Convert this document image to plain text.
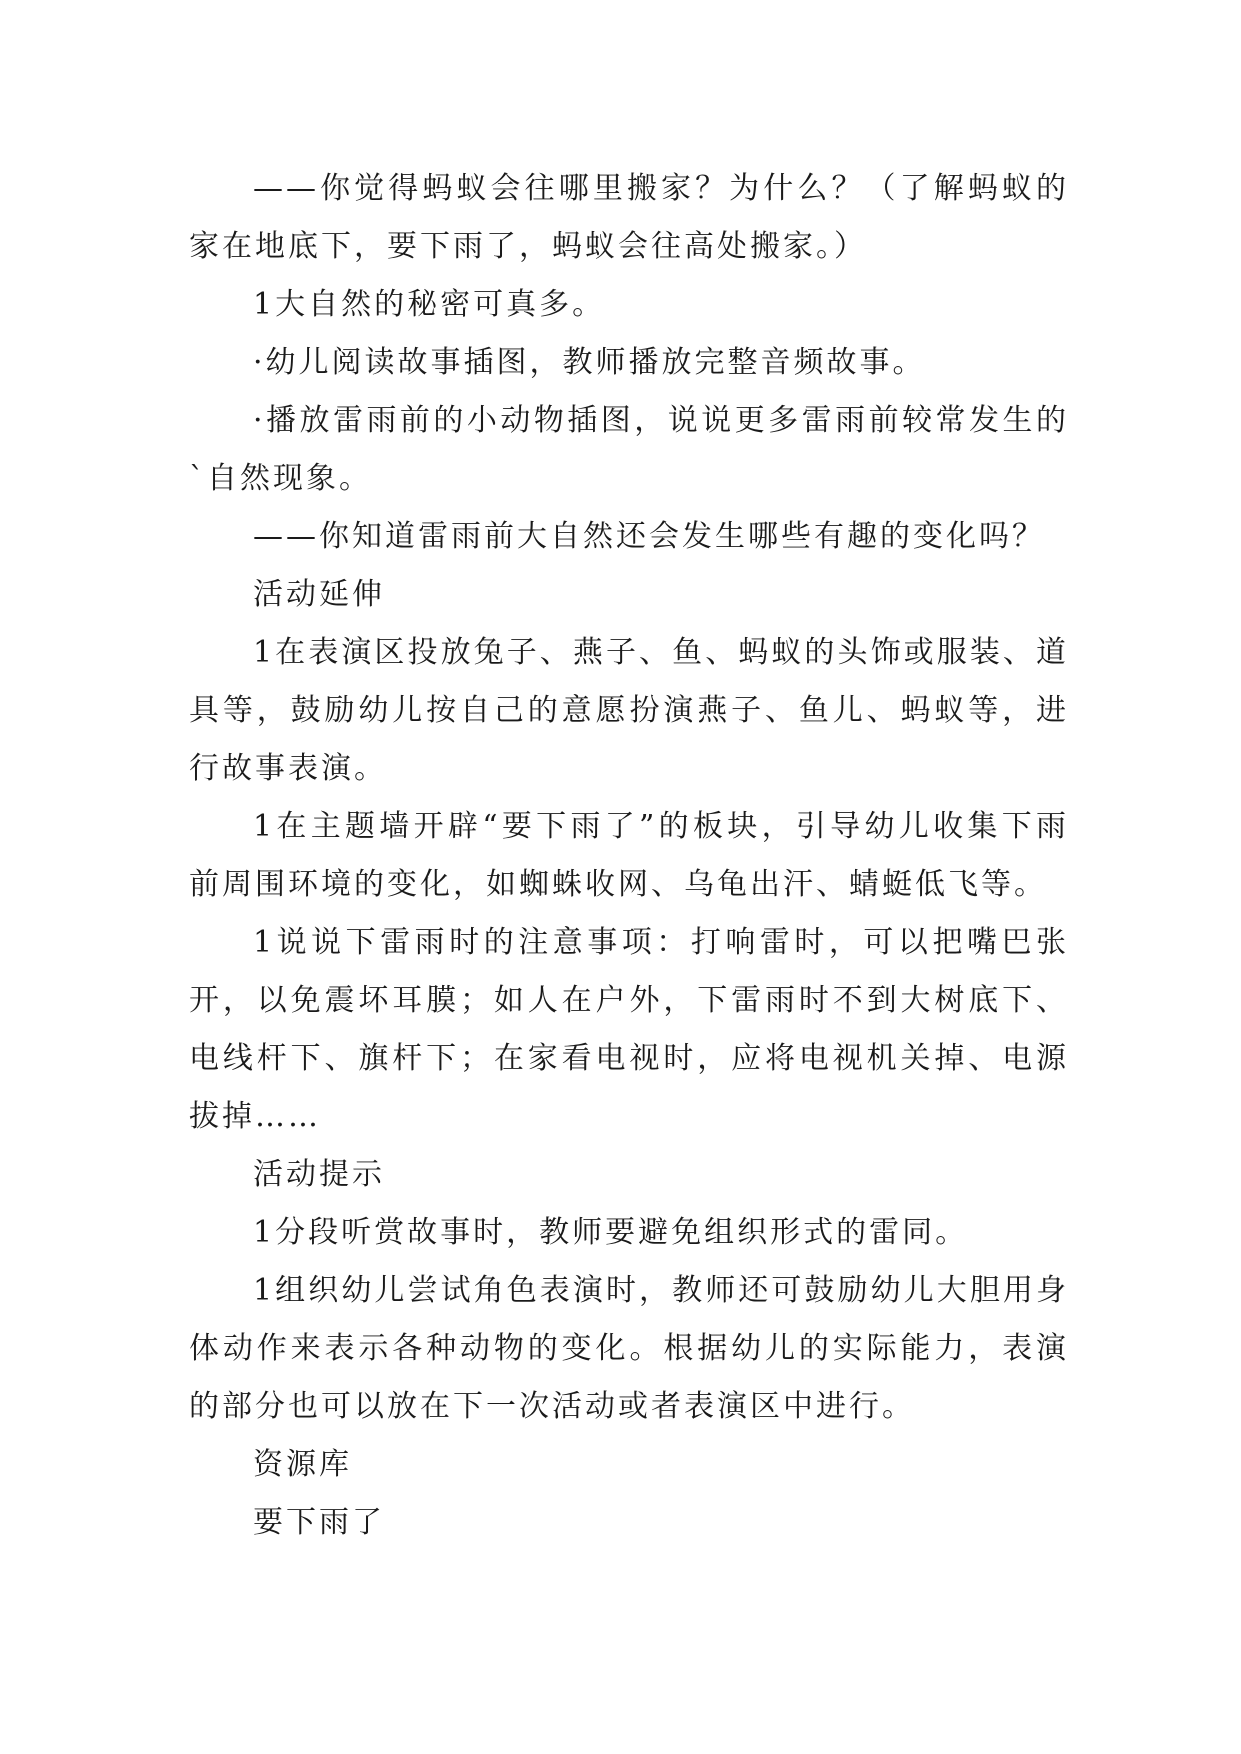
——你觉得蚂蚁会往哪里搬家？为什么？（了解蚂蚁的家在地底下，要下雨了，蚂蚁会往高处搬家。）

1大自然的秘密可真多。

·幼儿阅读故事插图，教师播放完整音频故事。

·播放雷雨前的小动物插图，说说更多雷雨前较常发生的`自然现象。

——你知道雷雨前大自然还会发生哪些有趣的变化吗？

活动延伸

1在表演区投放兔子、燕子、鱼、蚂蚁的头饰或服装、道具等，鼓励幼儿按自己的意愿扮演燕子、鱼儿、蚂蚁等，进行故事表演。

1在主题墙开辟“要下雨了”的板块，引导幼儿收集下雨前周围环境的变化，如蜘蛛收网、乌龟出汗、蜻蜓低飞等。

1说说下雷雨时的注意事项：打响雷时，可以把嘴巴张开，以免震坏耳膜；如人在户外，下雷雨时不到大树底下、电线杆下、旗杆下；在家看电视时，应将电视机关掉、电源拔掉……

活动提示

1分段听赏故事时，教师要避免组织形式的雷同。

1组织幼儿尝试角色表演时，教师还可鼓励幼儿大胆用身体动作来表示各种动物的变化。根据幼儿的实际能力，表演的部分也可以放在下一次活动或者表演区中进行。

资源库

要下雨了
